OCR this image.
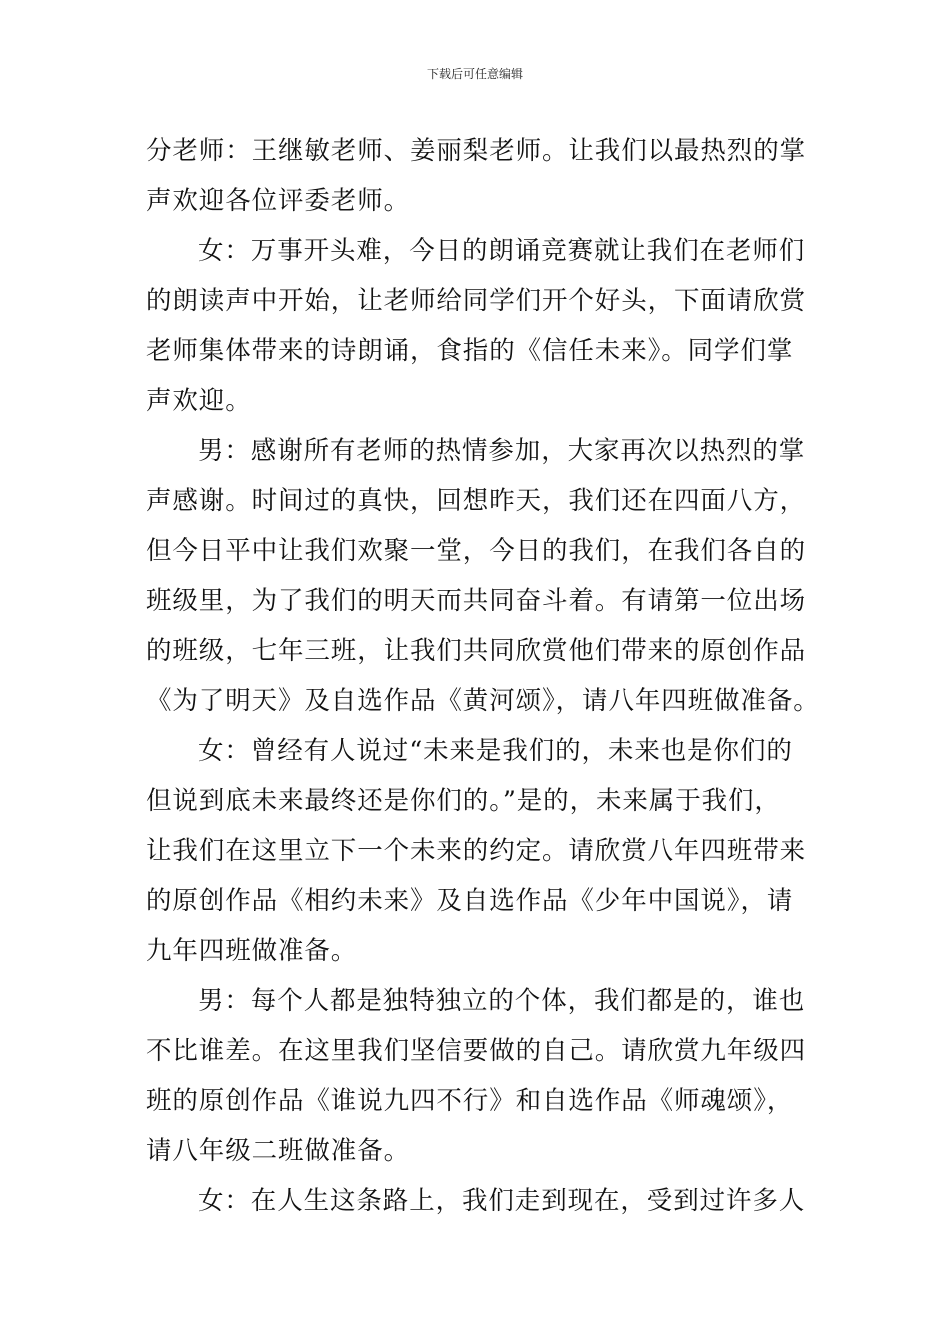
下载后可任意编辑
分老师：王继敏老师、姜丽梨老师。让我们以最热烈的掌
声欢迎各位评委老师。
女：万事开头难，今日的朗诵竞赛就让我们在老师们
的朗读声中开始，让老师给同学们开个好头，下面请欣赏
老师集体带来的诗朗诵，食指的《信任未来》。同学们掌
声欢迎。
男：感谢所有老师的热情参加，大家再次以热烈的掌
声感谢。时间过的真快，回想昨天，我们还在四面八方，
但今日平中让我们欢聚一堂，今日的我们，在我们各自的
班级里，为了我们的明天而共同奋斗着。有请第一位出场
的班级，七年三班，让我们共同欣赏他们带来的原创作品
《为了明天》及自选作品《黄河颂》，请八年四班做准备。
女：曾经有人说过“未来是我们的，未来也是你们的
但说到底未来最终还是你们的。”是的，未来属于我们，
让我们在这里立下一个未来的约定。请欣赏八年四班带来
的原创作品《相约未来》及自选作品《少年中国说》，请
九年四班做准备。
男：每个人都是独特独立的个体，我们都是的，谁也
不比谁差。在这里我们坚信要做的自己。请欣赏九年级四
班的原创作品《谁说九四不行》和自选作品《师魂颂》，
请八年级二班做准备。
女：在人生这条路上，我们走到现在，受到过许多人
